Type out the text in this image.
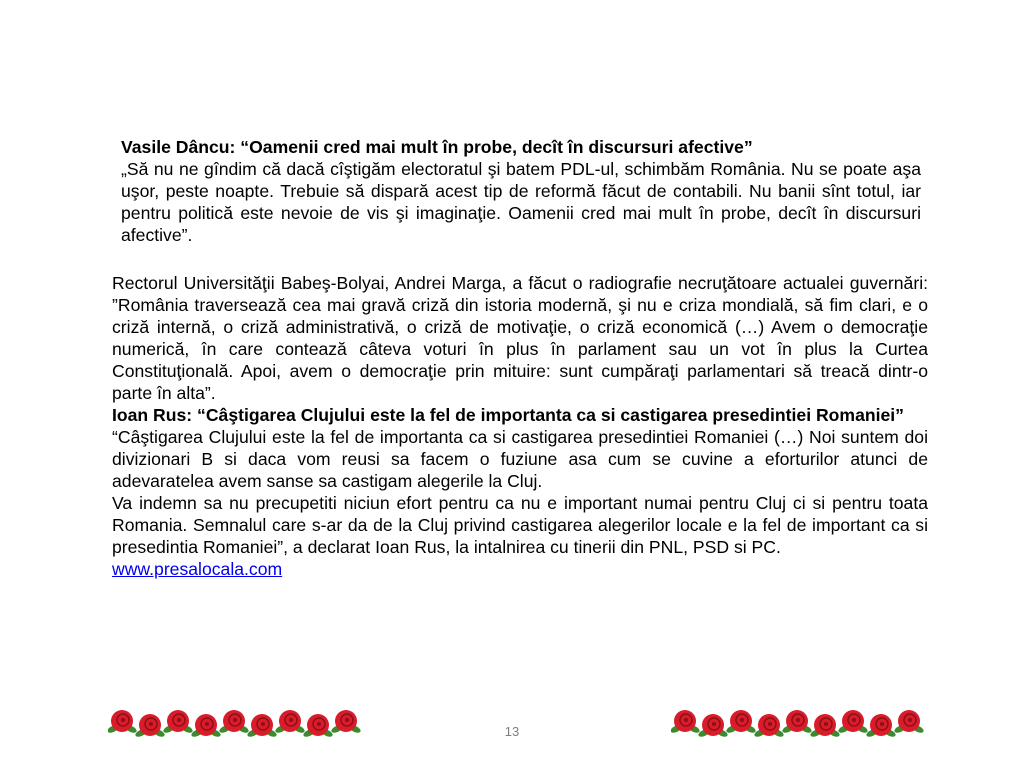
Vasile Dâncu: “Oamenii cred mai mult în probe, decît în discursuri afective”
„Să nu ne gîndim că dacă cîştigăm electoratul şi batem PDL-ul, schimbăm România. Nu se poate aşa uşor, peste noapte. Trebuie să dispară acest tip de reformă făcut de contabili. Nu banii sînt totul, iar pentru politică este nevoie de vis şi imaginaţie. Oamenii cred mai mult în probe, decît în discursuri afective”.
Rectorul Universităţii Babeş-Bolyai, Andrei Marga, a făcut o radiografie necruţătoare actualei guvernări: ”România traversează cea mai gravă criză din istoria modernă, şi nu e criza mondială, să fim clari, e o criză internă, o criză administrativă, o criză de motivaţie, o criză economică (…) Avem o democraţie numerică, în care contează câteva voturi în plus în parlament sau un vot în plus la Curtea Constituţională. Apoi, avem o democraţie prin mituire: sunt cumpăraţi parlamentari să treacă dintr-o parte în alta”.
Ioan Rus: “Câştigarea Clujului este la fel de importanta ca si castigarea presedintiei Romaniei”
“Câştigarea Clujului este la fel de importanta ca si castigarea presedintiei Romaniei (…) Noi suntem doi divizionari B si daca vom reusi sa facem o fuziune asa cum se cuvine a eforturilor atunci de adevaratelea avem sanse sa castigam alegerile la Cluj.
Va indemn sa nu precupetiti niciun efort pentru ca nu e important numai pentru Cluj ci si pentru toata Romania. Semnalul care s-ar da de la Cluj privind castigarea alegerilor locale e la fel de important ca si presedintia Romaniei”, a declarat Ioan Rus, la intalnirea cu tinerii din PNL, PSD si PC.
www.presalocala.com
13
